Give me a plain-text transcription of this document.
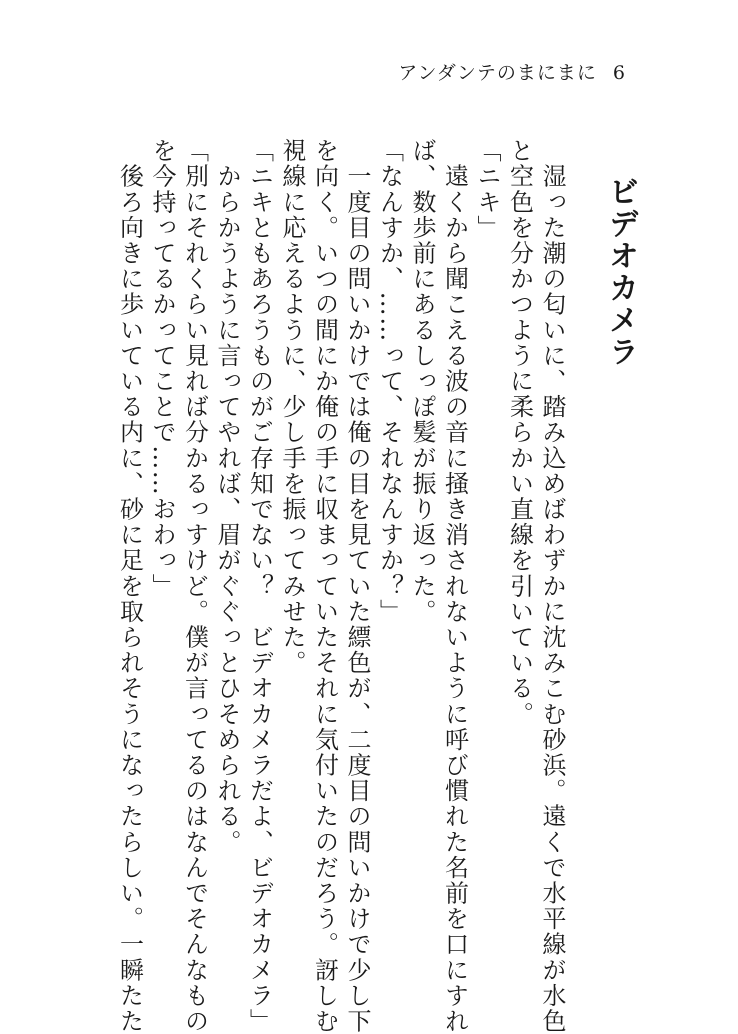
アンダンテのまにまに 6
ビデオカメラ

　湿った潮の匂いに、踏み込めばわずかに沈みこむ砂浜。遠くで水平線が水色

と空色を分かつように柔らかい直線を引いている。

「ニキ」

　遠くから聞こえる波の音に掻き消されないように呼び慣れた名前を口にすれ

ば、数歩前にあるしっぽ髪が振り返った。

「なんすか、……って、それなんすか？」

　一度目の問いかけでは俺の目を見ていた縹色が、二度目の問いかけで少し下

を向く。いつの間にか俺の手に収まっていたそれに気付いたのだろう。訝しむ

視線に応えるように、少し手を振ってみせた。

「ニキともあろうものがご存知でない？　ビデオカメラだよ、ビデオカメラ」

　からかうように言ってやれば、眉がぐぐっとひそめられる。

「別にそれくらい見れば分かるっすけど。僕が言ってるのはなんでそんなもの

を今持ってるかってことで……おわっ」

　後ろ向きに歩いている内に、砂に足を取られそうになったらしい。一瞬たた
